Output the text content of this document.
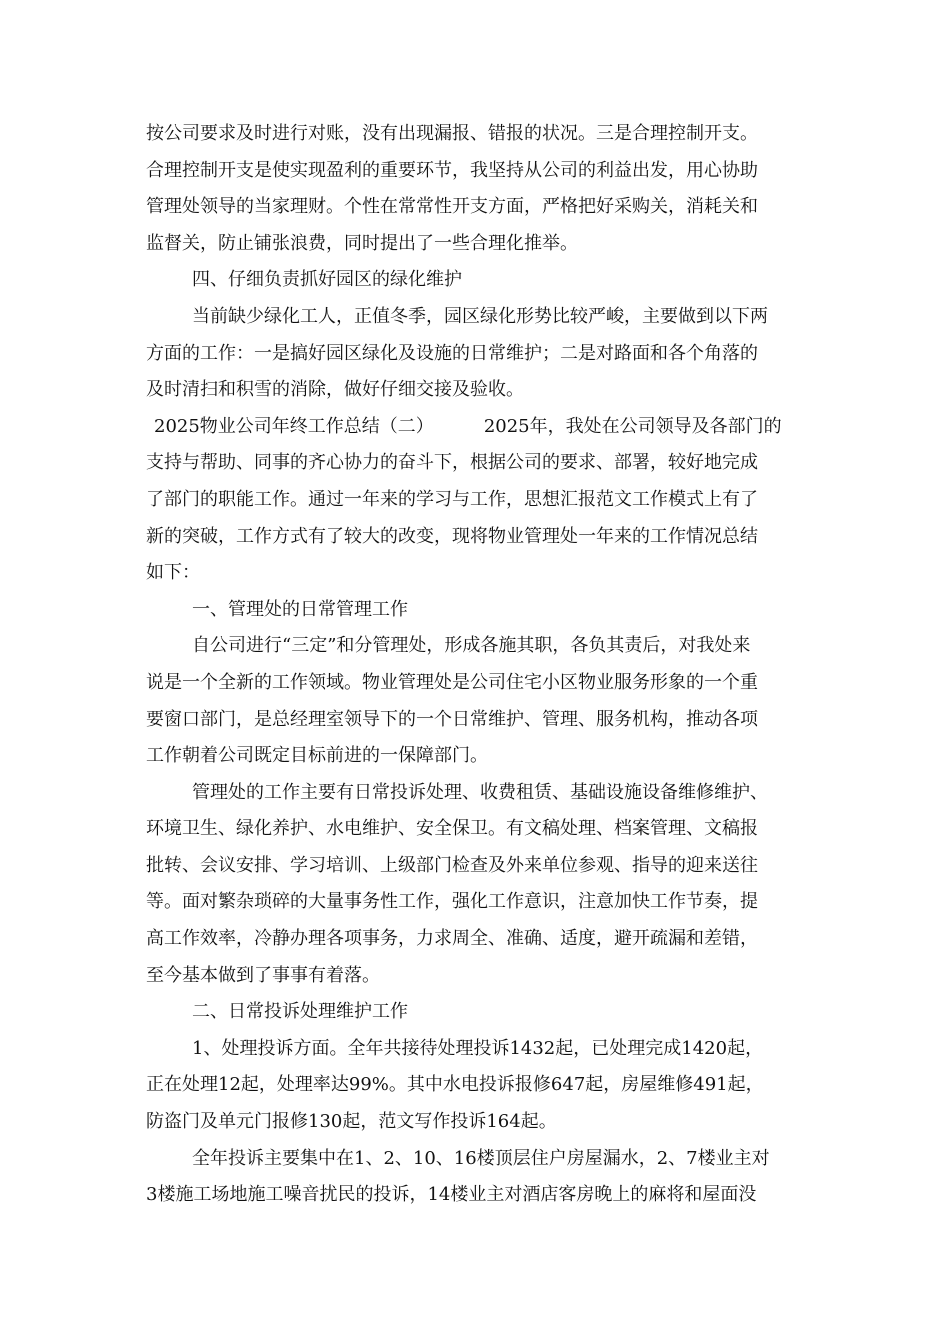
按公司要求及时进行对账，没有出现漏报、错报的状况。三是合理控制开支。
合理控制开支是使实现盈利的重要环节，我坚持从公司的利益出发，用心协助
管理处领导的当家理财。个性在常常性开支方面，严格把好采购关，消耗关和
监督关，防止铺张浪费，同时提出了一些合理化推举。
四、仔细负责抓好园区的绿化维护
当前缺少绿化工人，正值冬季，园区绿化形势比较严峻，主要做到以下两
方面的工作：一是搞好园区绿化及设施的日常维护；二是对路面和各个角落的
及时清扫和积雪的消除，做好仔细交接及验收。
2025物业公司年终工作总结（二）	2025年，我处在公司领导及各部门的
支持与帮助、同事的齐心协力的奋斗下，根据公司的要求、部署，较好地完成
了部门的职能工作。通过一年来的学习与工作，思想汇报范文工作模式上有了
新的突破，工作方式有了较大的改变，现将物业管理处一年来的工作情况总结
如下：
一、管理处的日常管理工作
自公司进行“三定”和分管理处，形成各施其职，各负其责后，对我处来
说是一个全新的工作领域。物业管理处是公司住宅小区物业服务形象的一个重
要窗口部门，是总经理室领导下的一个日常维护、管理、服务机构，推动各项
工作朝着公司既定目标前进的一保障部门。
管理处的工作主要有日常投诉处理、收费租赁、基础设施设备维修维护、
环境卫生、绿化养护、水电维护、安全保卫。有文稿处理、档案管理、文稿报
批转、会议安排、学习培训、上级部门检查及外来单位参观、指导的迎来送往
等。面对繁杂琐碎的大量事务性工作，强化工作意识，注意加快工作节奏，提
高工作效率，冷静办理各项事务，力求周全、准确、适度，避开疏漏和差错，
至今基本做到了事事有着落。
二、日常投诉处理维护工作
1、处理投诉方面。全年共接待处理投诉1432起，已处理完成1420起，
正在处理12起，处理率达99%。其中水电投诉报修647起，房屋维修491起，
防盗门及单元门报修130起，范文写作投诉164起。
全年投诉主要集中在1、2、10、16楼顶层住户房屋漏水，2、7楼业主对
3楼施工场地施工噪音扰民的投诉，14楼业主对酒店客房晚上的麻将和屋面没
